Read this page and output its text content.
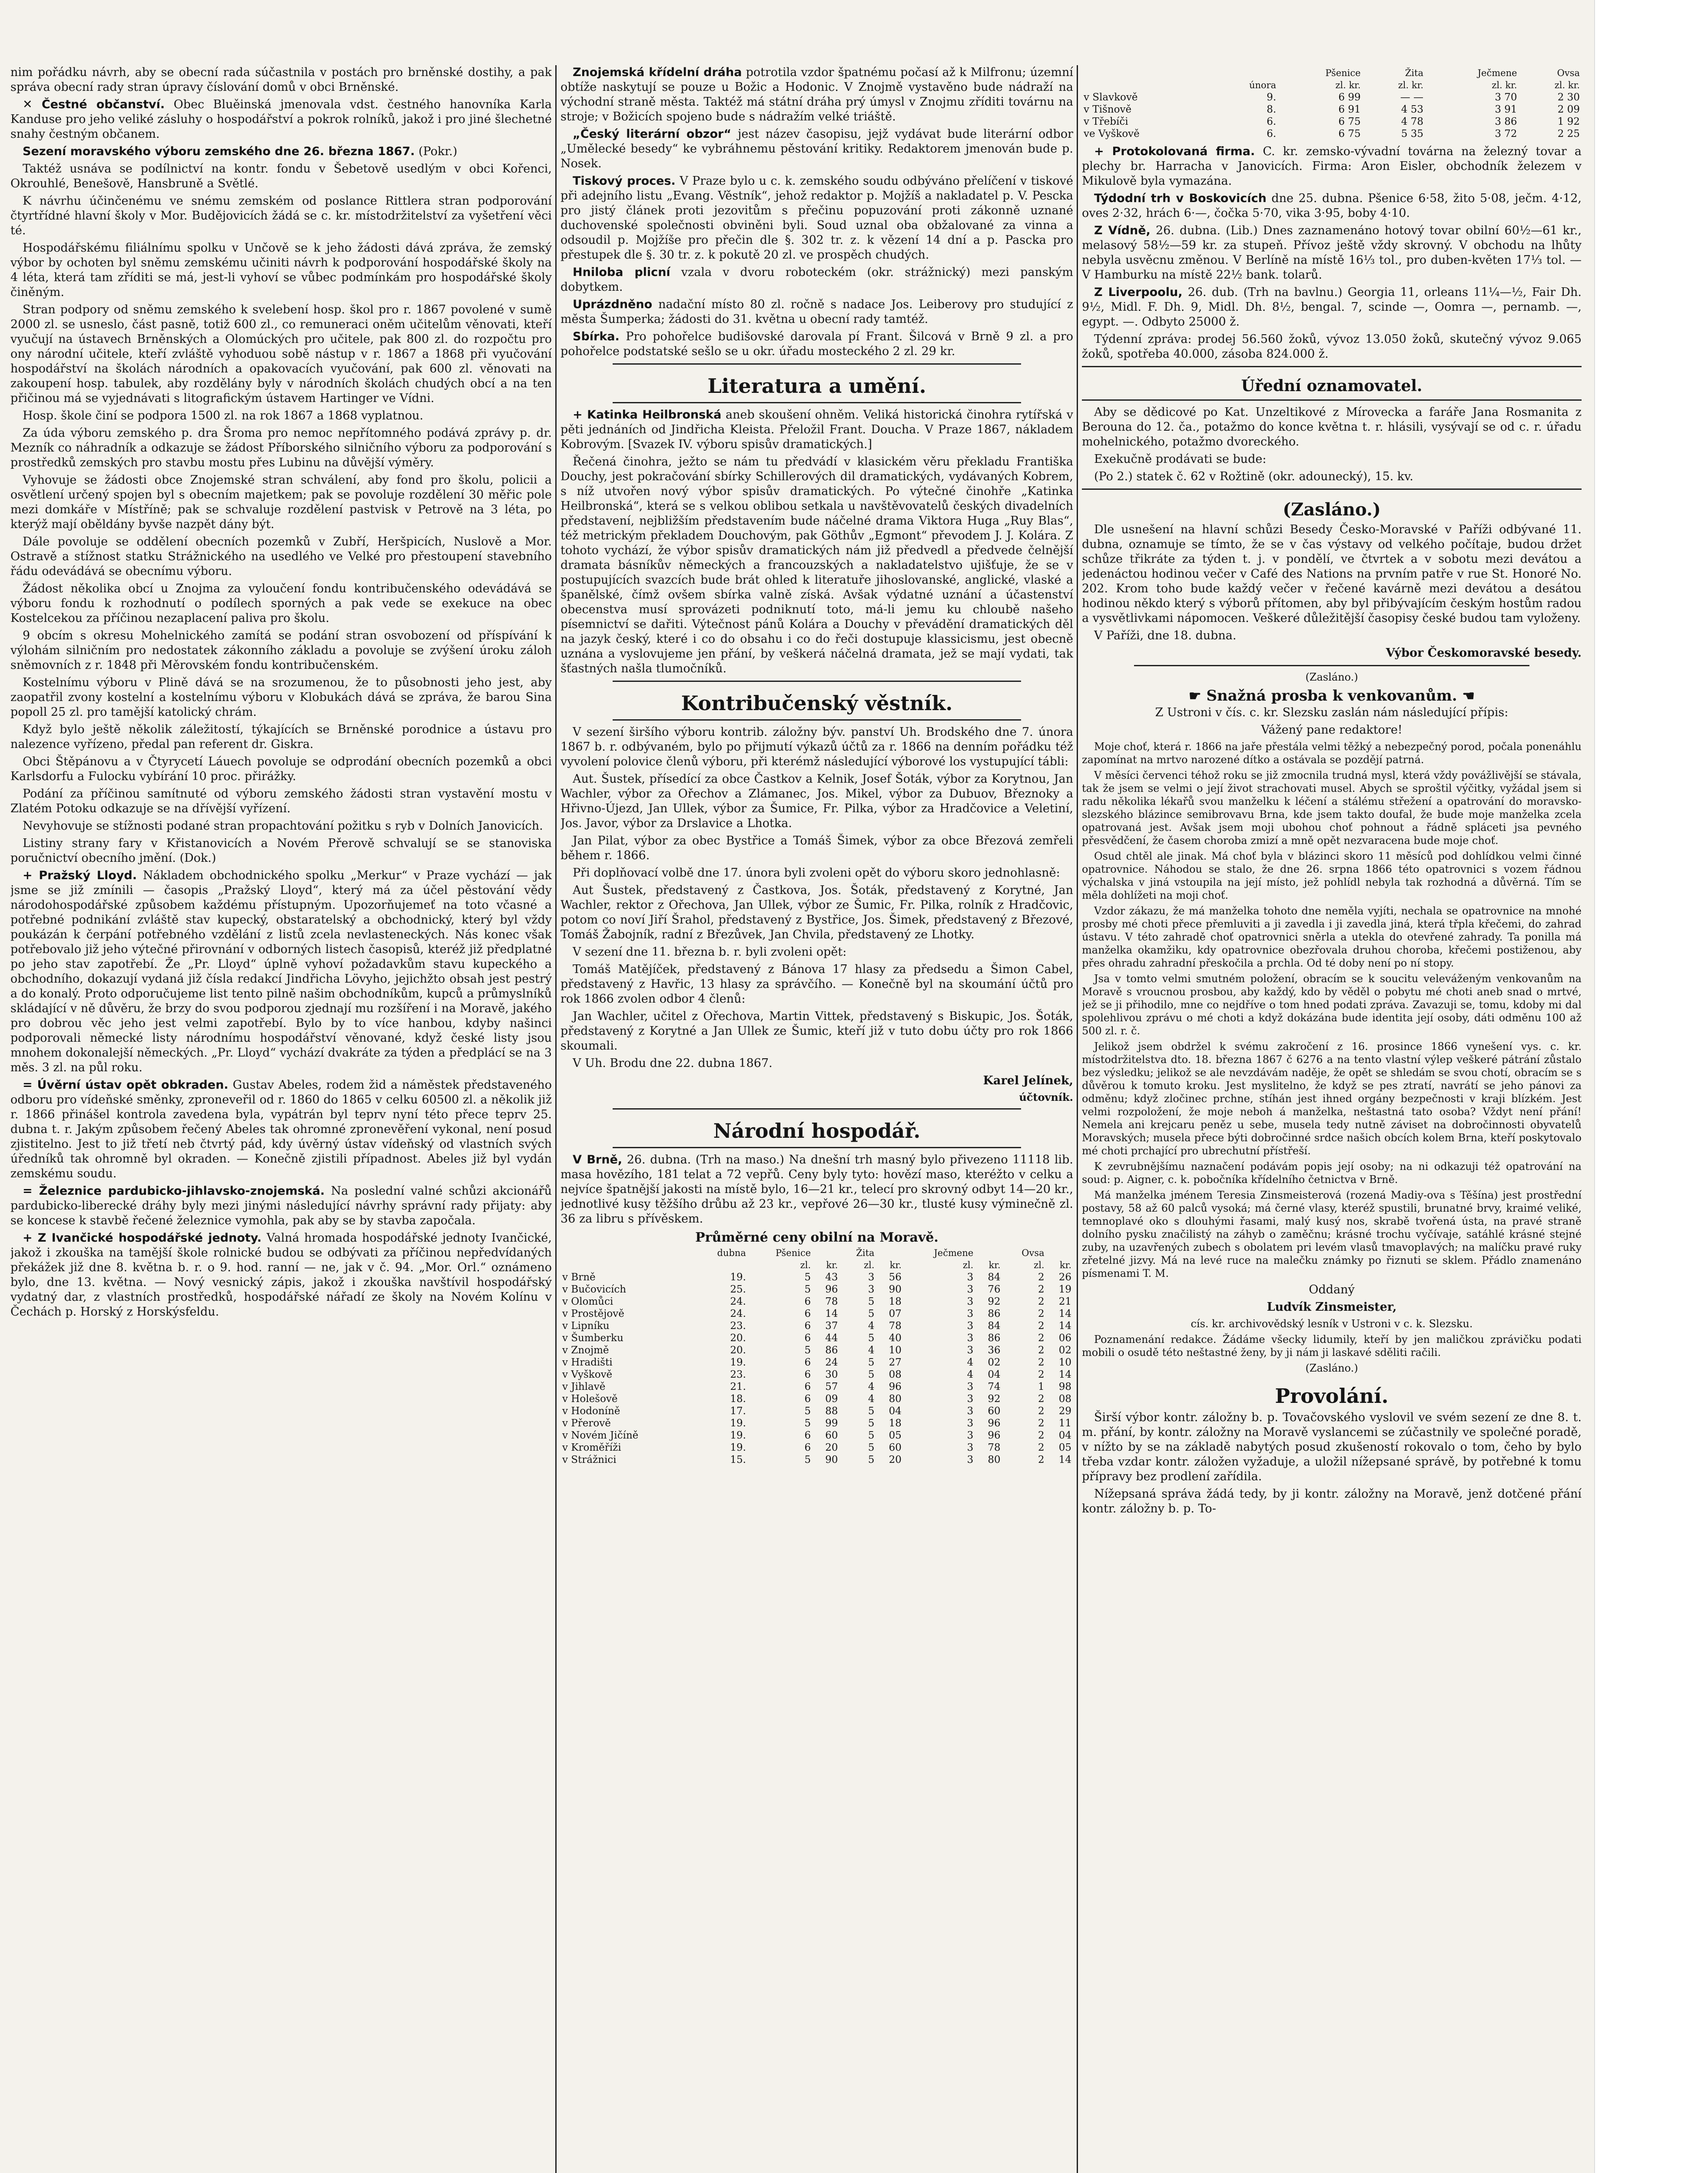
nim pořádku návrh, aby se obecní rada súčastnila v postách pro brněnské dostihy, a pak správa obecní rady stran úpravy číslování domů v obci Brněnské.

✕ Čestné občanství. Obec Bluěinská jmenovala vdst. čestného hanovníka Karla Kanduse pro jeho veliké zásluhy o hospodářství a pokrok rolníků, jakož i pro jiné šlechetné snahy čestným občanem.

Sezení moravského výboru zemského dne 26. března 1867. (Pokr.)

Taktéž usnáva se podílnictví na kontr. fondu v Šebetově usedlým v obci Kořenci, Okrouhlé, Benešově, Hansbruně a Světlé.

K návrhu účinčenému ve snému zemském od poslance Rittlera stran podporování čtyrtřídné hlavní školy v Mor. Budějovicích žádá se c. kr. místodržitelství za vyšetření věci té.

Hospodářskému filiálnímu spolku v Unčově se k jeho žádosti dává zpráva, že zemský výbor by ochoten byl sněmu zemskému učiniti návrh k podporování hospodářské školy na 4 léta, která tam zříditi se má, jest-li vyhoví se vůbec podmínkám pro hospodářské školy činěným.

Stran podpory od sněmu zemského k svelebení hosp. škol pro r. 1867 povolené v sumě 2000 zl. se usneslo, část pasně, totiž 600 zl., co remuneraci oněm učitelům věnovati, kteří vyučují na ústavech Brněnských a Olomúckých pro učitele, pak 800 zl. do rozpočtu pro ony národní učitele, kteří zvláště vyhoduou sobě nástup v r. 1867 a 1868 při vyučování hospodářství na školách národních a opakovacích vyučování, pak 600 zl. věnovati na zakoupení hosp. tabulek, aby rozdělány byly v národních školách chudých obcí a na ten přičinou má se vyjednávati s litografickým ústavem Hartinger ve Vídni.

Hosp. škole činí se podpora 1500 zl. na rok 1867 a 1868 vyplatnou.

Za úda výboru zemského p. dra Šroma pro nemoc nepřítomného podává zprávy p. dr. Mezník co náhradník a odkazuje se žádost Příborského silničního výboru za podporování s prostředků zemských pro stavbu mostu přes Lubinu na důvější výměry.

Vyhovuje se žádosti obce Znojemské stran schválení, aby fond pro školu, policii a osvětlení určený spojen byl s obecním majetkem; pak se povoluje rozdělení 30 měřic pole mezi domkáře v Místříně; pak se schvaluje rozdělení pastvisk v Petrově na 3 léta, po kterýž mají oběldány byvše nazpět dány být.

Dále povoluje se oddělení obecních pozemků v Zubří, Heršpicích, Nuslově a Mor. Ostravě a stížnost statku Strážnického na usedlého ve Velké pro přestoupení stavebního řádu odevádává se obecnímu výboru.

Žádost několika obcí u Znojma za vyloučení fondu kontribučenského odevádává se výboru fondu k rozhodnutí o podílech sporných a pak vede se exekuce na obec Kostelcekou za příčinou nezaplacení paliva pro školu.

9 obcím s okresu Mohelnického zamítá se podání stran osvobození od příspívání k výlohám silničním pro nedostatek zákonního základu a povoluje se zvýšení úroku záloh sněmovních z r. 1848 při Měrovském fondu kontribučenském.

Kostelnímu výboru v Plině dává se na srozumenou, že to působnosti jeho jest, aby zaopatřil zvony kostelní a kostelnímu výboru v Klobukách dává se zpráva, že barou Sina popoll 25 zl. pro tamější katolický chrám.

Když bylo ještě několik záležitostí, týkajících se Brněnské porodnice a ústavu pro nalezence vyřízeno, předal pan referent dr. Giskra.

Obci Štěpánovu a v Čtyrycetí Láuech povoluje se odprodání obecních pozemků a obci Karlsdorfu a Fulocku vybírání 10 proc. přirážky.

Podání za příčinou samítnuté od výboru zemského žádosti stran vystavění mostu v Zlatém Potoku odkazuje se na dřívější vyřízení.

Nevyhovuje se stížnosti podané stran propachtování požitku s ryb v Dolních Janovicích.

Listiny strany fary v Křistanovicích a Novém Přerově schvalují se se stanoviska poručnictví obecního jmění. (Dok.)

+ Pražský Lloyd. Nákladem obchodnického spolku „Merkur“ v Praze vychází — jak jsme se již zmínili — časopis „Pražský Lloyd“, který má za účel pěstování vědy národohospodářské způsobem každému přístupným. Upozorňujemeť na toto včasné a potřebné podnikání zvláště stav kupecký, obstaratelský a obchodnický, který byl vždy poukázán k čerpání potřebného vzdělání z listů zcela nevlasteneckých. Nás konec však potřebovalo již jeho výtečné přirovnání v odborných listech časopisů, kteréž již předplatné po jeho stav zapotřebí. Že „Pr. Lloyd“ úplně vyhoví požadavkům stavu kupeckého a obchodního, dokazují vydaná již čísla redakcí Jindřicha Lövyho, jejichžto obsah jest pestrý a do konalý. Proto odporučujeme list tento pilně našim obchodníkům, kupců a průmyslníků skládající v ně důvěru, že brzy do svou podporou zjednají mu rozšíření i na Moravě, jakého pro dobrou věc jeho jest velmi zapotřebí. Bylo by to více hanbou, kdyby našinci podporovali německé listy národnímu hospodářství věnované, když české listy jsou mnohem dokonalejší německých. „Pr. Lloyd“ vychází dvakráte za týden a předplácí se na 3 měs. 3 zl. na půl roku.

= Úvěrní ústav opět obkraden. Gustav Abeles, rodem žid a náměstek představeného odboru pro vídeňské směnky, zproneveřil od r. 1860 do 1865 v celku 60500 zl. a několik již r. 1866 přinášel kontrola zavedena byla, vypátrán byl teprv nyní této přece teprv 25. dubna t. r. Jakým způsobem řečený Abeles tak ohromné zpronevěření vykonal, není posud zjistitelno. Jest to již třetí neb čtvrtý pád, kdy úvěrný ústav vídeňský od vlastních svých úředníků tak ohromně byl okraden. — Konečně zjistili případnost. Abeles již byl vydán zemskému soudu.

= Železnice pardubicko-jihlavsko-znojemská. Na poslední valné schůzi akcionářů pardubicko-liberecké dráhy byly mezi jinými následující návrhy správní rady přijaty: aby se koncese k stavbě řečené železnice vymohla, pak aby se by stavba započala.

+ Z Ivančické hospodářské jednoty. Valná hromada hospodářské jednoty Ivančické, jakož i zkouška na tamější škole rolnické budou se odbývati za příčinou nepředvídaných překážek již dne 8. května b. r. o 9. hod. ranní — ne, jak v č. 94. „Mor. Orl.“ oznámeno bylo, dne 13. května. — Nový vesnický zápis, jakož i zkouška navštívil hospodářský vydatný dar, z vlastních prostředků, hospodářské nářadí ze školy na Novém Kolínu v Čechách p. Horský z Horskýsfeldu.

Znojemská křídelní dráha potrotila vzdor špatnému počasí až k Milfronu; územní obtíže naskytují se pouze u Božic a Hodonic. V Znojmě vystavěno bude nádraží na východní straně města. Taktéž má státní dráha prý úmysl v Znojmu zříditi továrnu na stroje; v Božicích spojeno bude s nádražím velké triáště.

„Český literární obzor“ jest název časopisu, jejž vydávat bude literární odbor „Umělecké besedy“ ke vybráhnemu pěstování kritiky. Redaktorem jmenován bude p. Nosek.

Tiskový proces. V Praze bylo u c. k. zemského soudu odbýváno přelíčení v tiskové při adejního listu „Evang. Věstník“, jehož redaktor p. Mojžíš a nakladatel p. V. Pescka pro jistý článek proti jezovitům s přečinu popuzování proti zákonně uznané duchovenské společnosti obviněni byli. Soud uznal oba obžalované za vinna a odsoudil p. Mojžíše pro přečin dle §. 302 tr. z. k vězení 14 dní a p. Pascka pro přestupek dle §. 30 tr. z. k pokutě 20 zl. ve prospěch chudých.

Hniloba plicní vzala v dvoru roboteckém (okr. strážnický) mezi panským dobytkem.

Uprázdněno nadační místo 80 zl. ročně s nadace Jos. Leiberovy pro studující z města Šumperka; žádosti do 31. května u obecní rady tamtéž.

Sbírka. Pro pohořelce budišovské darovala pí Frant. Šilcová v Brně 9 zl. a pro pohořelce podstatské sešlo se u okr. úřadu mosteckého 2 zl. 29 kr.

Literatura a umění.

+ Katinka Heilbronská aneb skoušení ohněm. Veliká historická činohra rytířská v pěti jednáních od Jindřicha Kleista. Přeložil Frant. Doucha. V Praze 1867, nákladem Kobrovým. [Svazek IV. výboru spisův dramatických.]

Řečená činohra, ježto se nám tu předvádí v klasickém věru překladu Františka Douchy, jest pokračování sbírky Schillerových dil dramatických, vydávaných Kobrem, s níž utvořen nový výbor spisův dramatických. Po výtečné činohře „Katinka Heilbronská“, která se s velkou oblibou setkala u navštěvovatelů českých divadelních představení, nejbližším představením bude náčelné drama Viktora Huga „Ruy Blas“, též metrickým překladem Douchovým, pak Göthův „Egmont“ převodem J. J. Kolára. Z tohoto vychází, že výbor spisův dramatických nám již předvedl a předvede čelnější dramata básníkův německých a francouzských a nakladatelstvo ujišťuje, že se v postupujících svazcích bude brát ohled k literatuře jihoslovanské, anglické, vlaské a španělské, čímž ovšem sbírka valně získá. Avšak výdatné uznání a účastenství obecenstva musí sprovázeti podniknutí toto, má-li jemu ku chloubě našeho písemnictví se dařiti. Výtečnost pánů Kolára a Douchy v převádění dramatických děl na jazyk český, které i co do obsahu i co do řeči dostupuje klassicismu, jest obecně uznána a vyslovujeme jen přání, by veškerá náčelná dramata, jež se mají vydati, tak šťastných našla tlumočníků.

Kontribučenský věstník.

V sezení širšího výboru kontrib. záložny býv. panství Uh. Brodského dne 7. února 1867 b. r. odbývaném, bylo po přijmutí výkazů účtů za r. 1866 na denním pořádku též vyvolení polovice členů výboru, při kterémž následující výborové los vystupující tábli:

Aut. Šustek, přísedící za obce Častkov a Kelnik, Josef Šoták, výbor za Korytnou, Jan Wachler, výbor za Ořechov a Zlámanec, Jos. Mikel, výbor za Dubuov, Březnoky a Hřivno-Újezd, Jan Ullek, výbor za Šumice, Fr. Pilka, výbor za Hradčovice a Veletiní, Jos. Javor, výbor za Drslavice a Lhotka.

Jan Pilat, výbor za obec Bystřice a Tomáš Šimek, výbor za obce Březová zemřeli během r. 1866.

Při doplňovací volbě dne 17. února byli zvoleni opět do výboru skoro jednohlasně:

Aut Šustek, představený z Častkova, Jos. Šoták, představený z Korytné, Jan Wachler, rektor z Ořechova, Jan Ullek, výbor ze Šumic, Fr. Pilka, rolník z Hradčovic, potom co noví Jiří Šrahol, představený z Bystřice, Jos. Šimek, představený z Březové, Tomáš Žabojník, radní z Březůvek, Jan Chvila, představený ze Lhotky.

V sezení dne 11. března b. r. byli zvoleni opět:

Tomáš Matějíček, představený z Bánova 17 hlasy za předsedu a Šimon Cabel, představený z Havřic, 13 hlasy za správčího. — Konečně byl na skoumání účtů pro rok 1866 zvolen odbor 4 členů:

Jan Wachler, učitel z Ořechova, Martin Vittek, představený s Biskupic, Jos. Šoták, představený z Korytné a Jan Ullek ze Šumic, kteří již v tuto dobu účty pro rok 1866 skoumali.

V Uh. Brodu dne 22. dubna 1867.

Karel Jelínek,

účtovník.

Národní hospodář.

V Brně, 26. dubna. (Trh na maso.) Na dnešní trh masný bylo přivezeno 11118 lib. masa hovězího, 181 telat a 72 vepřů. Ceny byly tyto: hovězí maso, kteréžto v celku a nejvíce špatnější jakosti na místě bylo, 16—21 kr., telecí pro skrovný odbyt 14—20 kr., jednotlivé kusy těžšího drůbu až 23 kr., vepřové 26—30 kr., tlusté kusy výminečně zl. 36 za libru s přívěskem.

Průměrné ceny obilní na Moravě.
	dubna	Pšenice		Žita		Ječmene		Ovsa	
		zl.	kr.	zl.	kr.	zl.	kr.	zl.	kr.
v Brně	19.	5	43	3	56	3	84	2	26
v Bučovicích	25.	5	96	3	90	3	76	2	19
v Olomůci	24.	6	78	5	18	3	92	2	21
v Prostějově	24.	6	14	5	07	3	86	2	14
v Lipníku	23.	6	37	4	78	3	84	2	14
v Šumberku	20.	6	44	5	40	3	86	2	06
v Znojmě	20.	5	86	4	10	3	36	2	02
v Hradišti	19.	6	24	5	27	4	02	2	10
v Vyškově	23.	6	30	5	08	4	04	2	14
v Jihlavě	21.	6	57	4	96	3	74	1	98
v Holešově	18.	6	09	4	80	3	92	2	08
v Hodoníně	17.	5	88	5	04	3	60	2	29
v Přerově	19.	5	99	5	18	3	96	2	11
v Novém Jičíně	19.	6	60	5	05	3	96	2	04
v Kroměříži	19.	6	20	5	60	3	78	2	05
v Strážnici	15.	5	90	5	20	3	80	2	14
		Pšenice	Žita	Ječmene	Ovsa
	února	zl. kr.	zl. kr.	zl. kr.	zl. kr.
v Slavkově	9.	6 99	— —	3 70	2 30
v Tišnově	8.	6 91	4 53	3 91	2 09
v Třebíči	6.	6 75	4 78	3 86	1 92
ve Vyškově	6.	6 75	5 35	3 72	2 25

+ Protokolovaná firma. C. kr. zemsko-vývadní továrna na železný tovar a plechy br. Harracha v Janovicích. Firma: Aron Eisler, obchodník železem v Mikulově byla vymazána.

Týdodní trh v Boskovicích dne 25. dubna. Pšenice 6·58, žito 5·08, ječm. 4·12, oves 2·32, hrách 6·—, čočka 5·70, vika 3·95, boby 4·10.

Z Vídně, 26. dubna. (Lib.) Dnes zaznamenáno hotový tovar obilní 60½—61 kr., melasový 58½—59 kr. za stupeň. Přívoz ještě vždy skrovný. V obchodu na lhůty nebyla usvěcnu změnou. V Berlíně na místě 16⅓ tol., pro duben-květen 17⅓ tol. — V Hamburku na místě 22½ bank. tolarů.

Z Liverpoolu, 26. dub. (Trh na bavlnu.) Georgia 11, orleans 11¼—½, Fair Dh. 9½, Midl. F. Dh. 9, Midl. Dh. 8½, bengal. 7, scinde —, Oomra —, pernamb. —, egypt. —. Odbyto 25000 ž.

Týdenní zpráva: prodej 56.560 žoků, vývoz 13.050 žoků, skutečný vývoz 9.065 žoků, spotřeba 40.000, zásoba 824.000 ž.

Úřední oznamovatel.

Aby se dědicové po Kat. Unzeltikové z Mírovecka a faráře Jana Rosmanita z Berouna do 12. ča., potažmo do konce května t. r. hlásili, vysývají se od c. r. úřadu mohelnického, potažmo dvoreckého.

Exekučně prodávati se bude:

(Po 2.) statek č. 62 v Rožtině (okr. adounecký), 15. kv.

(Zasláno.)

Dle usnešení na hlavní schůzi Besedy Česko-Moravské v Paříži odbývané 11. dubna, oznamuje se tímto, že se v čas výstavy od velkého počítaje, budou držet schůze třikráte za týden t. j. v pondělí, ve čtvrtek a v sobotu mezi devátou a jedenáctou hodinou večer v Café des Nations na prvním patře v rue St. Honoré No. 202. Krom toho bude každý večer v řečené kavárně mezi devátou a desátou hodinou někdo který s výborů přítomen, aby byl přibývajícím českým hostům radou a vysvětlivkami nápomocen. Veškeré důležitější časopisy české budou tam vyloženy.

V Paříži, dne 18. dubna.

Výbor Českomoravské besedy.

(Zasláno.)

☛ Snažná prosba k venkovanům. ☚

Z Ustroni v čís. c. kr. Slezsku zaslán nám následující přípis:

Vážený pane redaktore!

Moje choť, která r. 1866 na jaře přestála velmi těžký a nebezpečný porod, počala ponenáhlu zapomínat na mrtvo narozené dítko a ostávala se pozdějí patrná.

V měsíci červenci téhož roku se již zmocnila trudná mysl, která vždy povážlivější se stávala, tak že jsem se velmi o její život strachovati musel. Abych se sproštil výčitky, vyžádal jsem si radu několika lékařů svou manželku k léčení a stálému střežení a opatrování do moravsko-slezského blázince semibrovavu Brna, kde jsem takto doufal, že bude moje manželka zcela opatrovaná jest. Avšak jsem moji ubohou choť pohnout a řádně spláceti jsa pevného přesvědčení, že časem choroba zmizí a mně opět nezvaracena bude moje choť.

Osud chtěl ale jinak. Má choť byla v blázinci skoro 11 měsíců pod dohlídkou velmi činné opatrovnice. Náhodou se stalo, že dne 26. srpna 1866 této opatrovnici s vozem řádnou výchalska v jiná vstoupila na její místo, jež pohlídl nebyla tak rozhodná a důvěrná. Tím se měla dohlížeti na moji choť.

Vzdor zákazu, že má manželka tohoto dne neměla vyjíti, nechala se opatrovnice na mnohé prosby mé choti přece přemluviti a ji zavedla i ji zavedla jiná, která třpla křečemi, do zahrad ústavu. V této zahradě choť opatrovnici sněrla a utekla do otevřené zahrady. Ta ponilla má manželka okamžiku, kdy opatrovnice obezřovala druhou choroba, křečemi postiženou, aby přes ohradu zahradní přeskočila a prchla. Od té doby není po ní stopy.

Jsa v tomto velmi smutném položení, obracím se k soucitu veleváženým venkovanům na Moravě s vroucnou prosbou, aby každý, kdo by věděl o pobytu mé choti aneb snad o mrtvé, jež se ji přihodilo, mne co nejdříve o tom hned podati zpráva. Zavazuji se, tomu, kdoby mi dal spolehlivou zprávu o mé choti a když dokázána bude identita její osoby, dáti odměnu 100 až 500 zl. r. č.

Jelikož jsem obdržel k svému zakročení z 16. prosince 1866 vynešení vys. c. kr. místodržitelstva dto. 18. března 1867 č 6276 a na tento vlastní výlep veškeré pátrání zůstalo bez výsledku; jelikož se ale nevzdávám naděje, že opět se shledám se svou chotí, obracím se s důvěrou k tomuto kroku. Jest myslitelno, že když se pes ztratí, navrátí se jeho pánovi za odměnu; když zločinec prchne, stíhán jest ihned orgány bezpečnosti v kraji blízkém. Jest velmi rozpoložení, že moje neboh á manželka, neštastná tato osoba? Vždyt není přání! Nemela ani krejcaru peněz u sebe, musela tedy nutně záviset na dobročinnosti obyvatelů Moravských; musela přece býti dobročinné srdce našich obcích kolem Brna, kteří poskytovalo mé choti prchající pro ubrechutní přístřeší.

K zevrubnějšímu naznačení podávám popis její osoby; na ni odkazuji též opatrování na soud: p. Aigner, c. k. pobočníka křídelního četnictva v Brně.

Má manželka jménem Teresia Zinsmeisterová (rozená Madiy-ova s Těšína) jest prostřední postavy, 58 až 60 palců vysoká; má černé vlasy, kteréž spustili, brunatné brvy, kraimé veliké, temnoplavé oko s dlouhými řasami, malý kusý nos, skrabě tvořená ústa, na pravé straně dolního pysku značilistý na záhyb o zaměčnu; krásné trochu vyčívaje, satáhlé krásné stejné zuby, na uzavřených zubech s obolatem pri levém vlasů tmavoplavých; na malíčku pravé ruky zřetelné jizvy. Má na levé ruce na malečku známky po řiznuti se sklem. Přádlo znamenáno písmenami T. M.

Oddaný

Ludvík Zinsmeister,

cís. kr. archivovědský lesník v Ustroni v c. k. Slezsku.

Poznamenání redakce. Žádáme všecky lidumily, kteří by jen maličkou zprávičku podati mobili o osudě této neštastné ženy, by ji nám ji laskavé sděliti račili.

(Zasláno.)

Provolání.

Širší výbor kontr. záložny b. p. Tovačovského vyslovil ve svém sezení ze dne 8. t. m. přání, by kontr. záložny na Moravě vyslancemi se zúčastnily ve společné poradě, v nížto by se na základě nabytých posud zkušeností rokovalo o tom, čeho by bylo třeba vzdar kontr. záložen vyžaduje, a uložil nížepsané správě, by potřebné k tomu přípravy bez prodlení zařídila.

Nížepsaná správa žádá tedy, by ji kontr. záložny na Moravě, jenž dotčené přání kontr. záložny b. p. To-
